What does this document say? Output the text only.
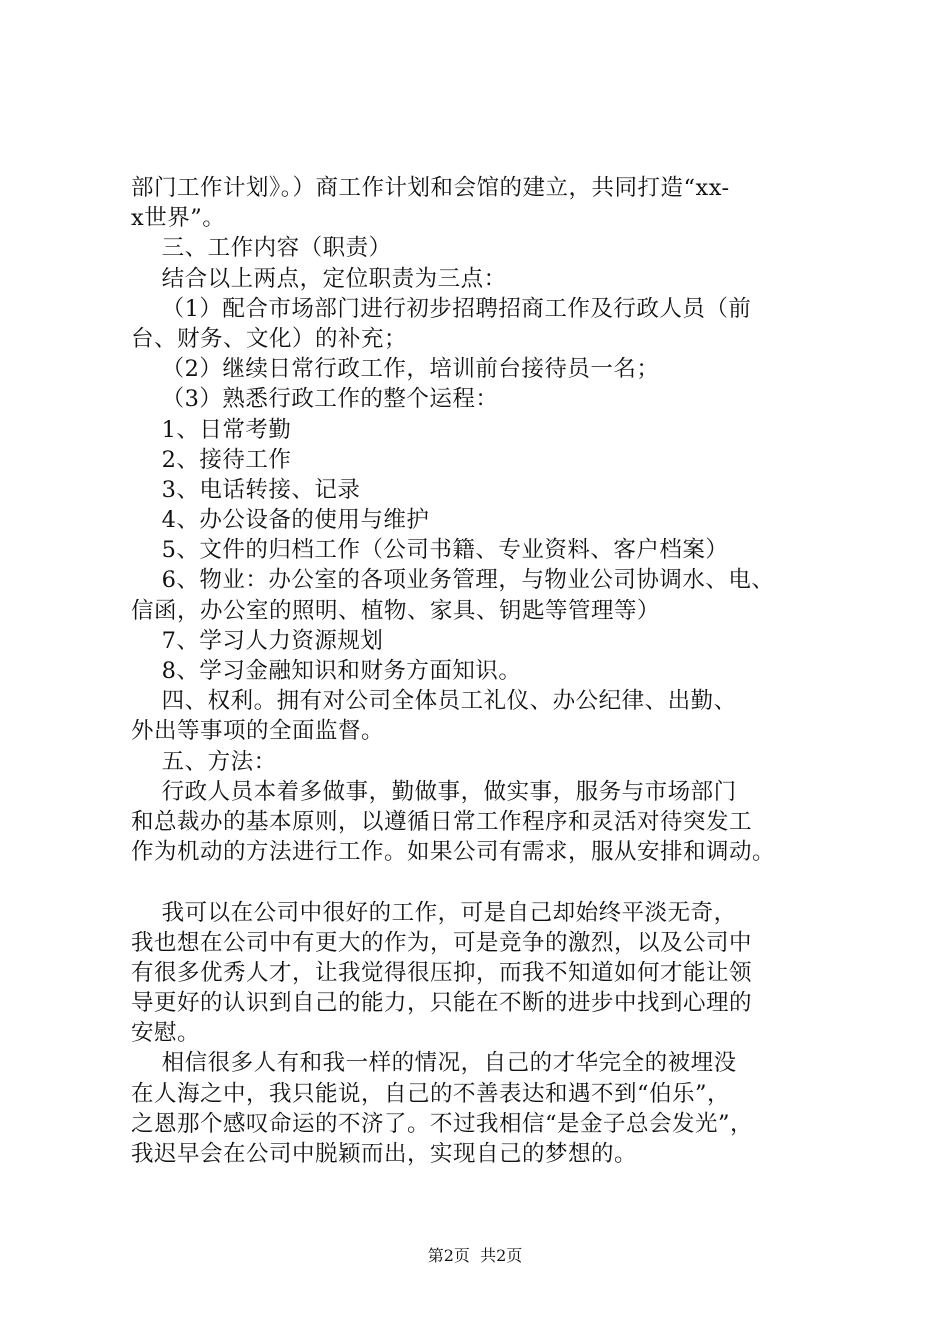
部门工作计划》。）商工作计划和会馆的建立，共同打造“xx-
x世界”。
三、工作内容（职责）
结合以上两点，定位职责为三点：
（1）配合市场部门进行初步招聘招商工作及行政人员（前
台、财务、文化）的补充；
（2）继续日常行政工作，培训前台接待员一名；
（3）熟悉行政工作的整个运程：
1、日常考勤
2、接待工作
3、电话转接、记录
4、办公设备的使用与维护
5、文件的归档工作（公司书籍、专业资料、客户档案）
6、物业：办公室的各项业务管理，与物业公司协调水、电、
信函，办公室的照明、植物、家具、钥匙等管理等）
7、学习人力资源规划
8、学习金融知识和财务方面知识。
四、权利。拥有对公司全体员工礼仪、办公纪律、出勤、
外出等事项的全面监督。
五、方法：
行政人员本着多做事，勤做事，做实事，服务与市场部门
和总裁办的基本原则，以遵循日常工作程序和灵活对待突发工
作为机动的方法进行工作。如果公司有需求，服从安排和调动。
我可以在公司中很好的工作，可是自己却始终平淡无奇，
我也想在公司中有更大的作为，可是竞争的激烈，以及公司中
有很多优秀人才，让我觉得很压抑，而我不知道如何才能让领
导更好的认识到自己的能力，只能在不断的进步中找到心理的
安慰。
相信很多人有和我一样的情况，自己的才华完全的被埋没
在人海之中，我只能说，自己的不善表达和遇不到“伯乐”，
之恩那个感叹命运的不济了。不过我相信“是金子总会发光”，
我迟早会在公司中脱颖而出，实现自己的梦想的。
第2页  共2页
